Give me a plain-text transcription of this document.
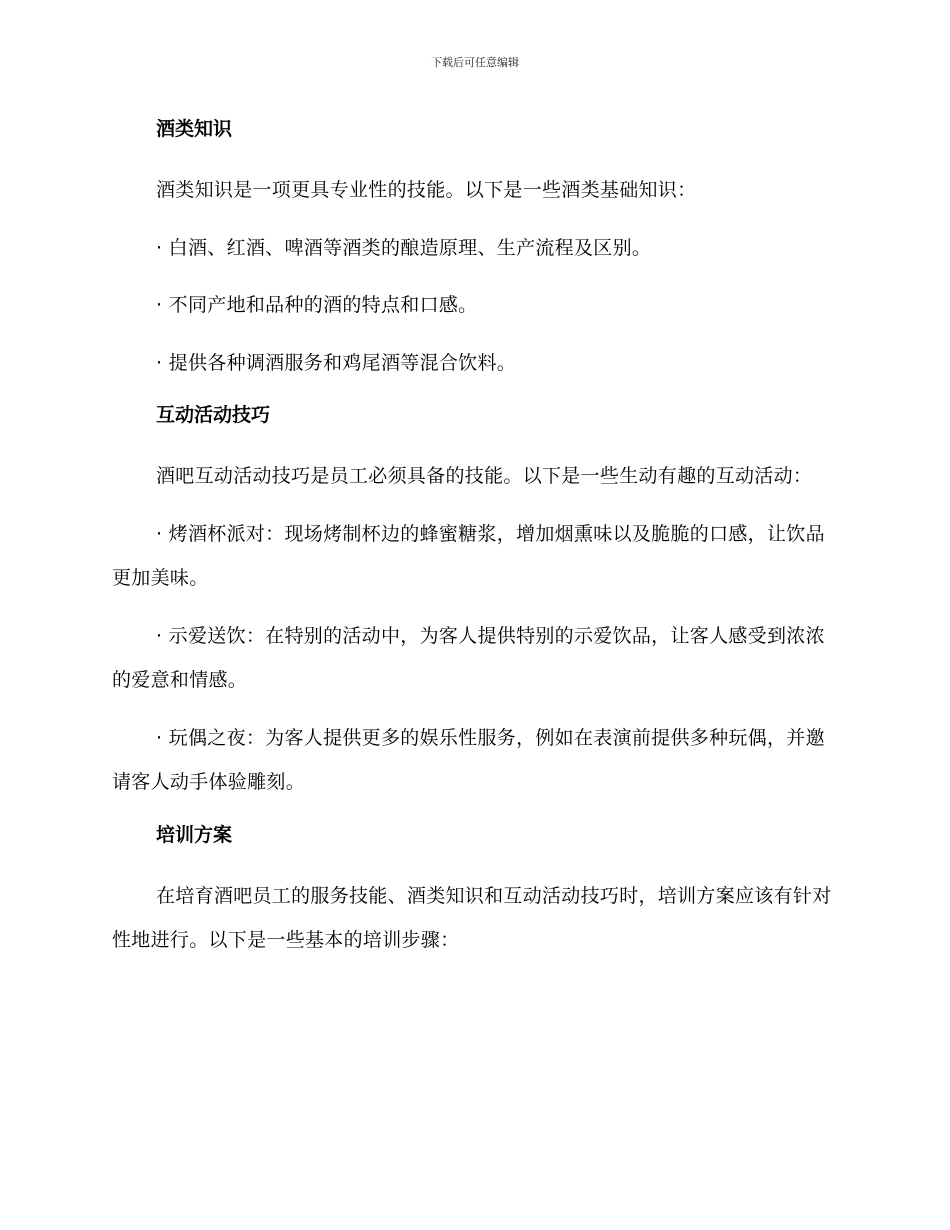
下载后可任意编辑
酒类知识

酒类知识是一项更具专业性的技能。以下是一些酒类基础知识：

· 白酒、红酒、啤酒等酒类的酿造原理、生产流程及区别。

· 不同产地和品种的酒的特点和口感。

· 提供各种调酒服务和鸡尾酒等混合饮料。

互动活动技巧

酒吧互动活动技巧是员工必须具备的技能。以下是一些生动有趣的互动活动：

· 烤酒杯派对：现场烤制杯边的蜂蜜糖浆，增加烟熏味以及脆脆的口感，让饮品更加美味。

· 示爱送饮：在特别的活动中，为客人提供特别的示爱饮品，让客人感受到浓浓的爱意和情感。

· 玩偶之夜：为客人提供更多的娱乐性服务，例如在表演前提供多种玩偶，并邀请客人动手体验雕刻。

培训方案

在培育酒吧员工的服务技能、酒类知识和互动活动技巧时，培训方案应该有针对性地进行。以下是一些基本的培训步骤：
